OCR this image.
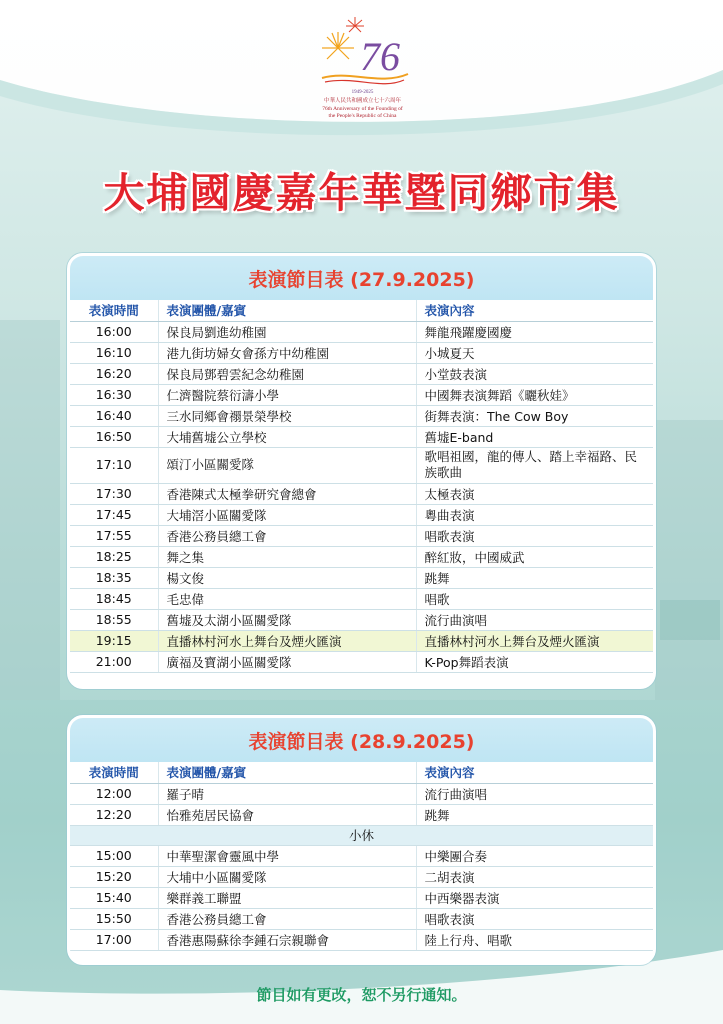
76
1949-2025
中華人民共和國成立七十六周年
76th Anniversary of the Founding of
the People's Republic of China
大埔國慶嘉年華暨同鄉市集
表演節目表 (27.9.2025)
表演時間	表演團體/嘉賓	表演內容
16:00	保良局劉進幼稚園	舞龍飛躍慶國慶
16:10	港九街坊婦女會孫方中幼稚園	小城夏天
16:20	保良局鄧碧雲紀念幼稚園	小堂鼓表演
16:30	仁濟醫院蔡衍濤小學	中國舞表演舞蹈《曬秋娃》
16:40	三水同鄉會禤景榮學校	街舞表演：The Cow Boy
16:50	大埔舊墟公立學校	舊墟E-band
17:10	頌汀小區關愛隊	歌唱祖國，龍的傳人、踏上幸福路、民族歌曲
17:30	香港陳式太極拳研究會總會	太極表演
17:45	大埔滘小區關愛隊	粵曲表演
17:55	香港公務員總工會	唱歌表演
18:25	舞之集	醉紅妝，中國威武
18:35	楊文俊	跳舞
18:45	毛忠偉	唱歌
18:55	舊墟及太湖小區關愛隊	流行曲演唱
19:15	直播林村河水上舞台及煙火匯演	直播林村河水上舞台及煙火匯演
21:00	廣福及寶湖小區關愛隊	K-Pop舞蹈表演
表演節目表 (28.9.2025)
表演時間	表演團體/嘉賓	表演內容
12:00	羅子晴	流行曲演唱
12:20	怡雅苑居民協會	跳舞
小休		
15:00	中華聖潔會靈風中學	中樂團合奏
15:20	大埔中小區關愛隊	二胡表演
15:40	樂群義工聯盟	中西樂器表演
15:50	香港公務員總工會	唱歌表演
17:00	香港惠陽蘇徐李鍾石宗親聯會	陸上行舟、唱歌
節目如有更改，恕不另行通知。
